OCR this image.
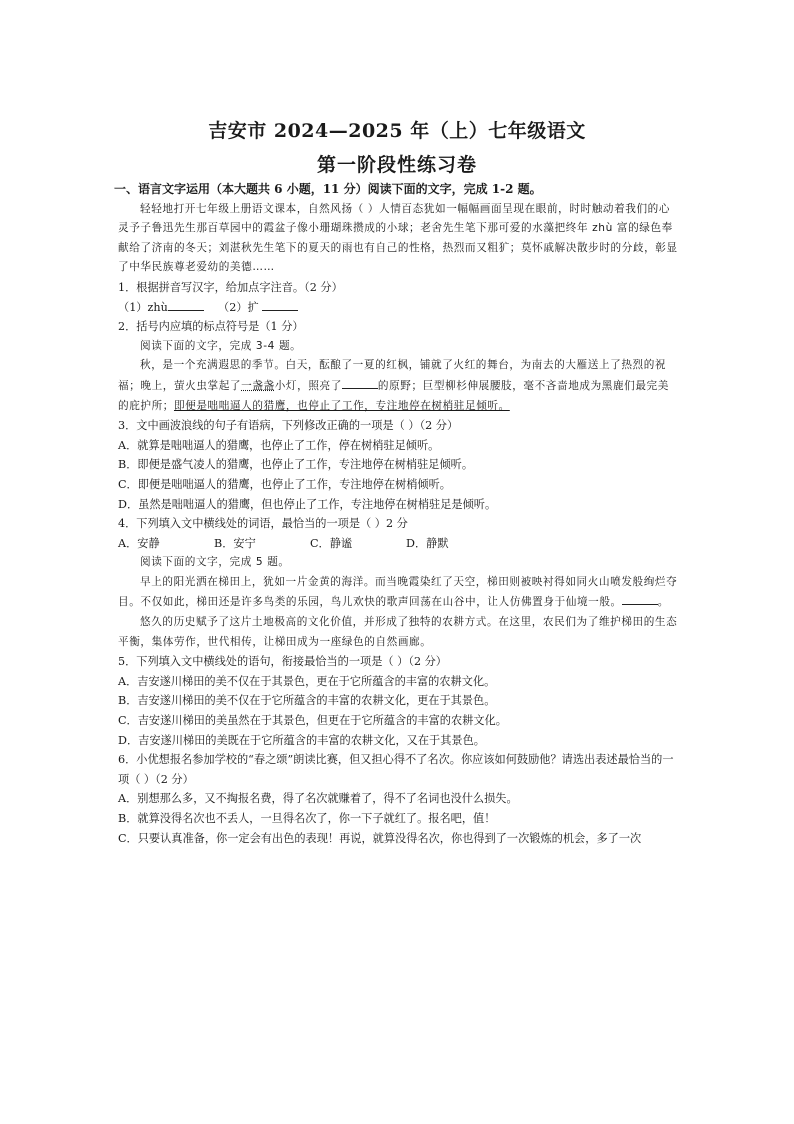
吉安市 2024—2025 年（上）七年级语文
第一阶段性练习卷

一、语言文字运用（本大题共 6 小题，11 分）阅读下面的文字，完成 1-2 题。

轻轻地打开七年级上册语文课本，自然风扬（ ）人情百态犹如一幅幅画面呈现在眼前，时时触动着我们的心灵予子鲁迅先生那百草园中的霞盆子像小珊瑚珠攒成的小球；老舍先生笔下那可爱的水藻把终年 zhù 富的绿色奉献给了济南的冬天；刘湛秋先生笔下的夏天的雨也有自己的性格，热烈而又粗犷；莫怀戚解决散步时的分歧，彰显了中华民族尊老爱幼的美德……

1．根据拼音写汉字，给加点字注音。（2 分）

（1）zhù	（2）扩

2．括号内应填的标点符号是（1 分）

阅读下面的文字，完成 3-4 题。

秋，是一个充满遐思的季节。白天，酝酿了一夏的红枫，铺就了火红的舞台，为南去的大雁送上了热烈的祝福；晚上，萤火虫掌起了一盏盏小灯，照亮了	的原野；巨型柳杉伸展腰肢，毫不吝啬地成为黑鹿们最完美的庇护所；即便是咄咄逼人的猎鹰，也停止了工作，专注地停在树梢驻足倾听。

3．文中画波浪线的句子有语病，下列修改正确的一项是（ ）（2 分）

A．就算是咄咄逼人的猎鹰，也停止了工作，停在树梢驻足倾听。

B．即便是盛气凌人的猎鹰，也停止了工作，专注地停在树梢驻足倾听。

C．即便是咄咄逼人的猎鹰，也停止了工作，专注地停在树梢倾听。

D．虽然是咄咄逼人的猎鹰，但也停止了工作，专注地停在树梢驻足是倾听。

4．下列填入文中横线处的词语，最恰当的一项是（ ）2 分

A．安静	B．安宁	C．静谧	D．静默

阅读下面的文字，完成 5 题。

早上的阳光洒在梯田上，犹如一片金黄的海洋。而当晚霞染红了天空，梯田则被映衬得如同火山喷发般绚烂夺目。不仅如此，梯田还是许多鸟类的乐园，鸟儿欢快的歌声回荡在山谷中，让人仿佛置身于仙境一般。	。

悠久的历史赋予了这片土地极高的文化价值，并形成了独特的农耕方式。在这里，农民们为了维护梯田的生态平衡，集体劳作，世代相传，让梯田成为一座绿色的自然画廊。

5．下列填入文中横线处的语句，衔接最恰当的一项是（ ）（2 分）

A．吉安遂川梯田的美不仅在于其景色，更在于它所蕴含的丰富的农耕文化。

B．吉安遂川梯田的美不仅在于它所蕴含的丰富的农耕文化，更在于其景色。

C．吉安遂川梯田的美虽然在于其景色，但更在于它所蕴含的丰富的农耕文化。

D．吉安遂川梯田的美既在于它所蕴含的丰富的农耕文化，又在于其景色。

6．小优想报名参加学校的“春之颂”朗读比赛，但又担心得不了名次。你应该如何鼓励他？请选出表述最恰当的一项（ ）（2 分）

A．别想那么多，又不掏报名费，得了名次就赚着了，得不了名词也没什么损失。

B．就算没得名次也不丢人，一旦得名次了，你一下子就红了。报名吧，值！

C．只要认真准备，你一定会有出色的表现！再说，就算没得名次，你也得到了一次锻炼的机会，多了一次
